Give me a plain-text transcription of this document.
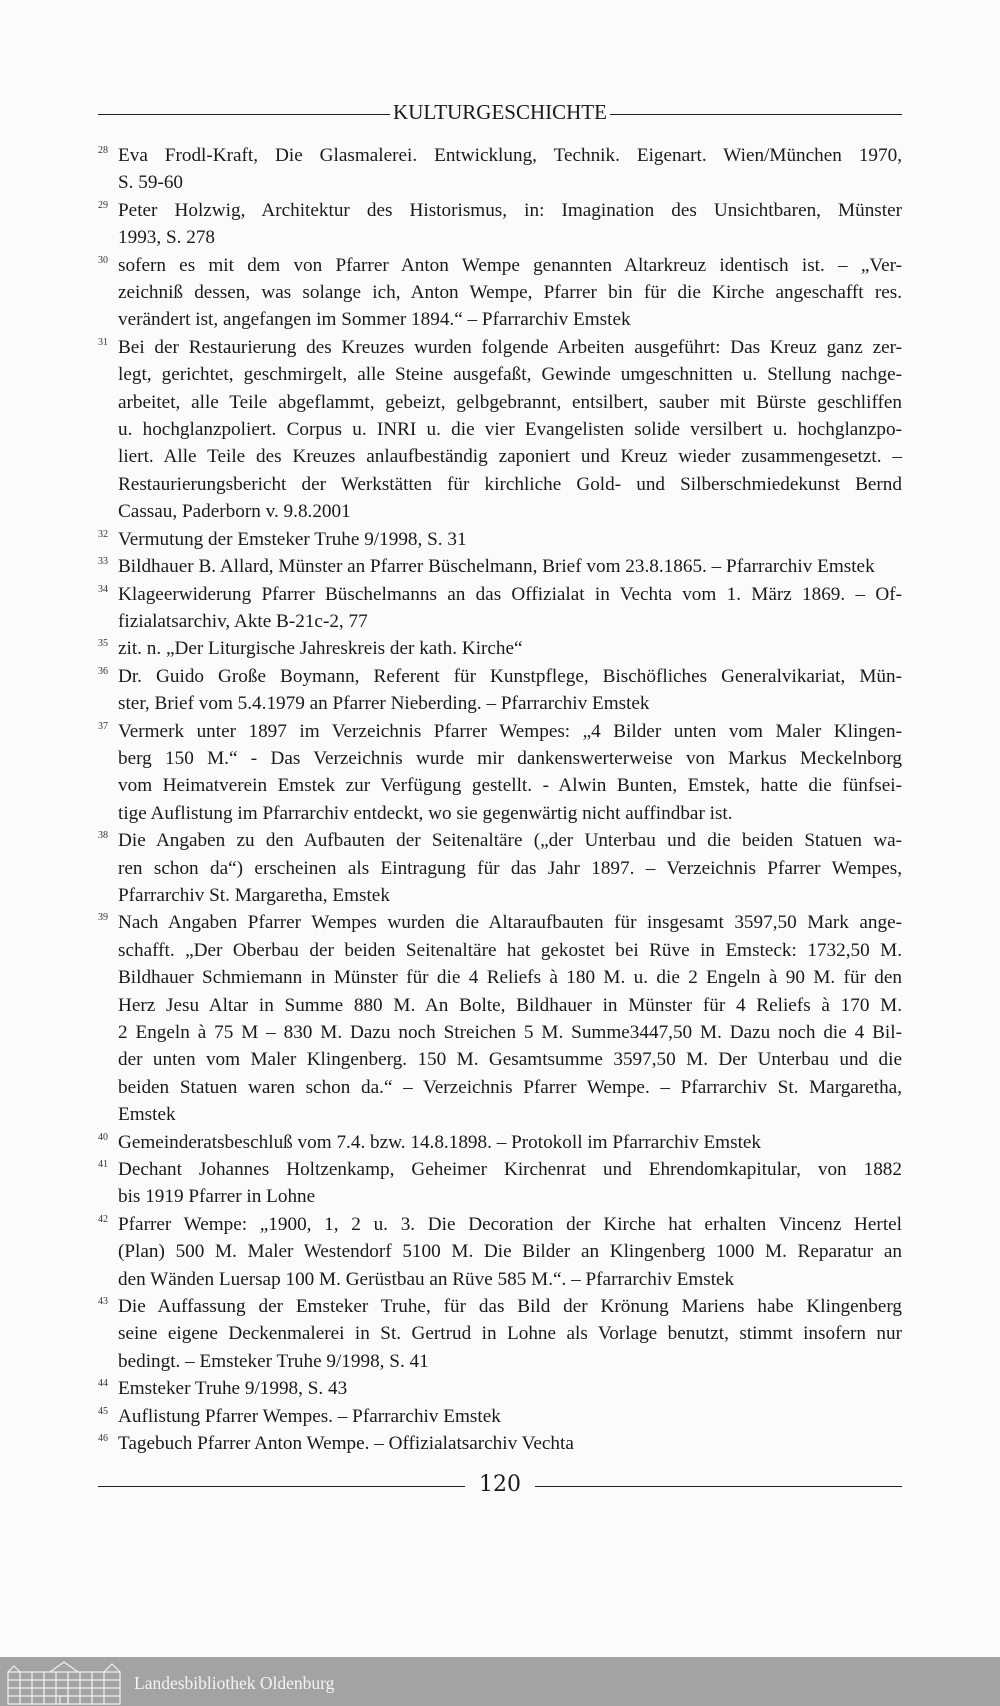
KULTURGESCHICHTE
28 Eva Frodl-Kraft, Die Glasmalerei. Entwicklung, Technik. Eigenart. Wien/München 1970,
S. 59-60
29 Peter Holzwig, Architektur des Historismus, in: Imagination des Unsichtbaren, Münster
1993, S. 278
30 sofern es mit dem von Pfarrer Anton Wempe genannten Altarkreuz identisch ist. – „Ver-
zeichniß dessen, was solange ich, Anton Wempe, Pfarrer bin für die Kirche angeschafft res.
verändert ist, angefangen im Sommer 1894.“ – Pfarrarchiv Emstek
31 Bei der Restaurierung des Kreuzes wurden folgende Arbeiten ausgeführt: Das Kreuz ganz zer-
legt, gerichtet, geschmirgelt, alle Steine ausgefaßt, Gewinde umgeschnitten u. Stellung nachge-
arbeitet, alle Teile abgeflammt, gebeizt, gelbgebrannt, entsilbert, sauber mit Bürste geschliffen
u. hochglanzpoliert. Corpus u. INRI u. die vier Evangelisten solide versilbert u. hochglanzpo-
liert. Alle Teile des Kreuzes anlaufbeständig zaponiert und Kreuz wieder zusammengesetzt. –
Restaurierungsbericht der Werkstätten für kirchliche Gold- und Silberschmiedekunst Bernd
Cassau, Paderborn v. 9.8.2001
32 Vermutung der Emsteker Truhe 9/1998, S. 31
33 Bildhauer B. Allard, Münster an Pfarrer Büschelmann, Brief vom 23.8.1865. – Pfarrarchiv Emstek
34 Klageerwiderung Pfarrer Büschelmanns an das Offizialat in Vechta vom 1. März 1869. – Of-
fizialatsarchiv, Akte B-21c-2, 77
35 zit. n. „Der Liturgische Jahreskreis der kath. Kirche“
36 Dr. Guido Große Boymann, Referent für Kunstpflege, Bischöfliches Generalvikariat, Mün-
ster, Brief vom 5.4.1979 an Pfarrer Nieberding. – Pfarrarchiv Emstek
37 Vermerk unter 1897 im Verzeichnis Pfarrer Wempes: „4 Bilder unten vom Maler Klingen-
berg 150 M.“ - Das Verzeichnis wurde mir dankenswerterweise von Markus Meckelnborg
vom Heimatverein Emstek zur Verfügung gestellt. - Alwin Bunten, Emstek, hatte die fünfsei-
tige Auflistung im Pfarrarchiv entdeckt, wo sie gegenwärtig nicht auffindbar ist.
38 Die Angaben zu den Aufbauten der Seitenaltäre („der Unterbau und die beiden Statuen wa-
ren schon da“) erscheinen als Eintragung für das Jahr 1897. – Verzeichnis Pfarrer Wempes,
Pfarrarchiv St. Margaretha, Emstek
39 Nach Angaben Pfarrer Wempes wurden die Altaraufbauten für insgesamt 3597,50 Mark ange-
schafft. „Der Oberbau der beiden Seitenaltäre hat gekostet bei Rüve in Emsteck: 1732,50 M.
Bildhauer Schmiemann in Münster für die 4 Reliefs à 180 M. u. die 2 Engeln à 90 M. für den
Herz Jesu Altar in Summe 880 M. An Bolte, Bildhauer in Münster für 4 Reliefs à 170 M.
2 Engeln à 75 M – 830 M. Dazu noch Streichen 5 M. Summe3447,50 M. Dazu noch die 4 Bil-
der unten vom Maler Klingenberg. 150 M. Gesamtsumme 3597,50 M. Der Unterbau und die
beiden Statuen waren schon da.“ – Verzeichnis Pfarrer Wempe. – Pfarrarchiv St. Margaretha,
Emstek
40 Gemeinderatsbeschluß vom 7.4. bzw. 14.8.1898. – Protokoll im Pfarrarchiv Emstek
41 Dechant Johannes Holtzenkamp, Geheimer Kirchenrat und Ehrendomkapitular, von 1882
bis 1919 Pfarrer in Lohne
42 Pfarrer Wempe: „1900, 1, 2 u. 3. Die Decoration der Kirche hat erhalten Vincenz Hertel
(Plan) 500 M. Maler Westendorf 5100 M. Die Bilder an Klingenberg 1000 M. Reparatur an
den Wänden Luersap 100 M. Gerüstbau an Rüve 585 M.“. – Pfarrarchiv Emstek
43 Die Auffassung der Emsteker Truhe, für das Bild der Krönung Mariens habe Klingenberg
seine eigene Deckenmalerei in St. Gertrud in Lohne als Vorlage benutzt, stimmt insofern nur
bedingt. – Emsteker Truhe 9/1998, S. 41
44 Emsteker Truhe 9/1998, S. 43
45 Auflistung Pfarrer Wempes. – Pfarrarchiv Emstek
46 Tagebuch Pfarrer Anton Wempe. – Offizialatsarchiv Vechta
120
Landesbibliothek Oldenburg
